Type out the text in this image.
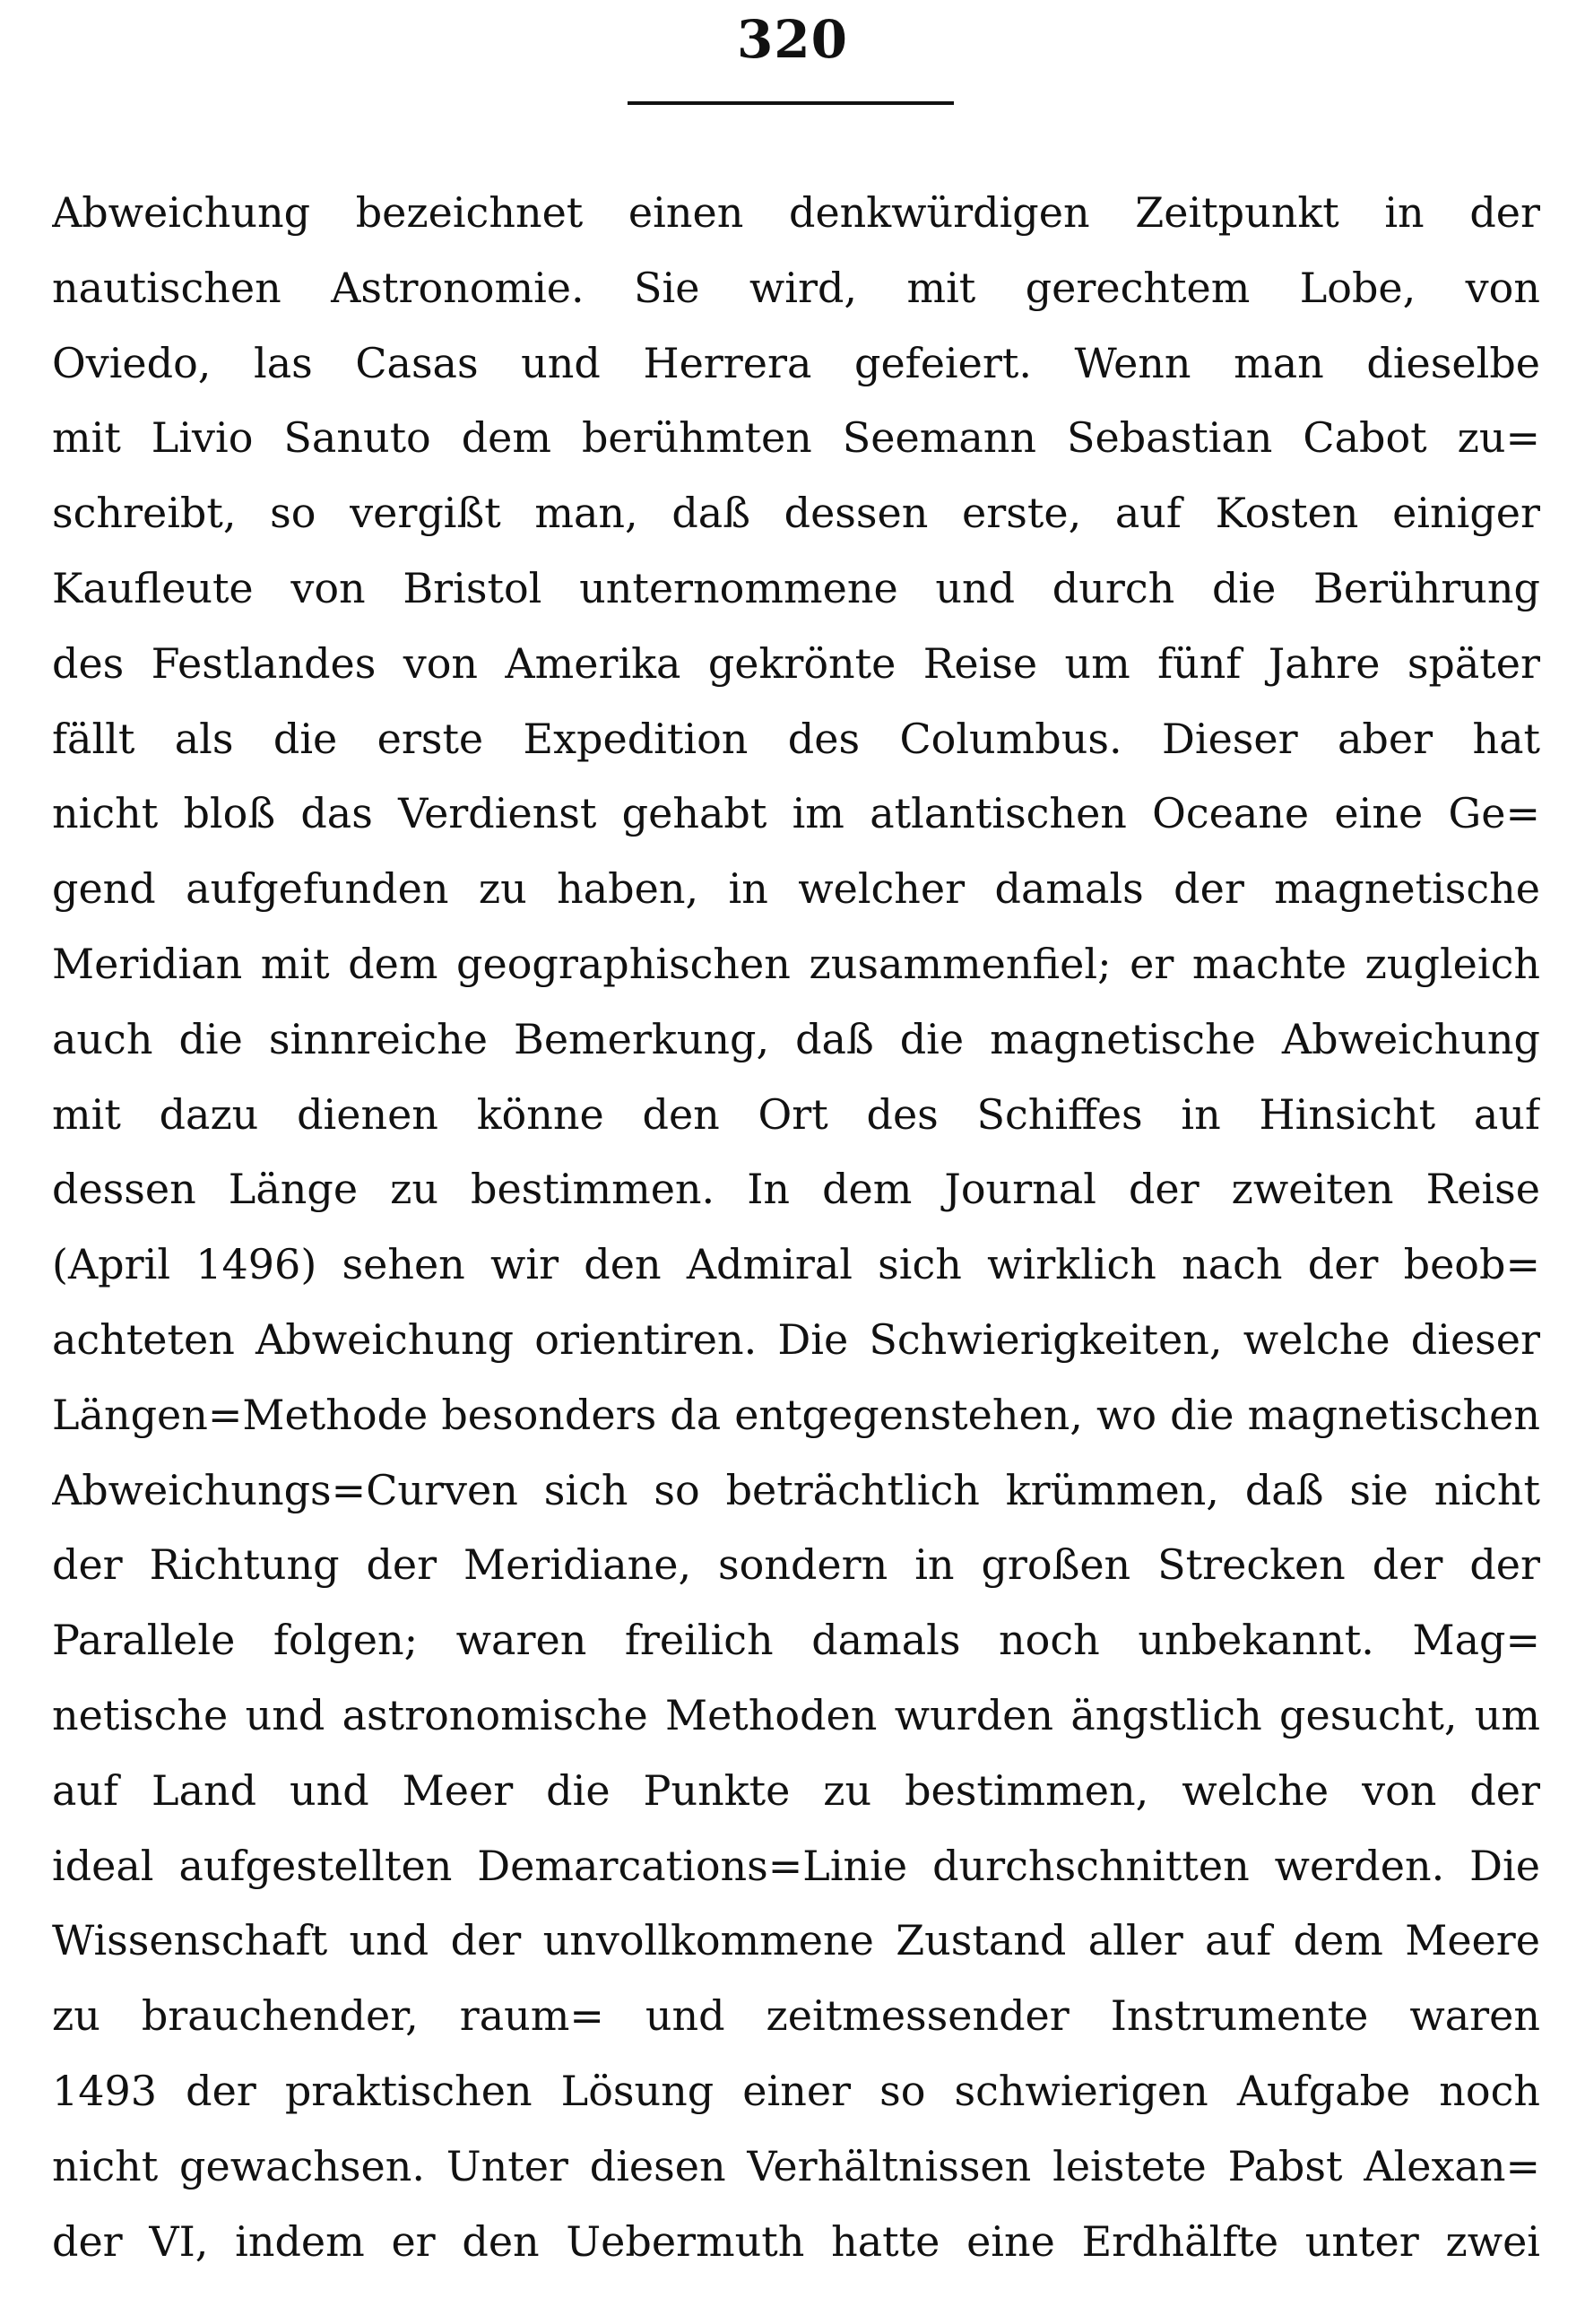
320
Abweichung bezeichnet einen denkwürdigen Zeitpunkt in der
nautischen Astronomie. Sie wird, mit gerechtem Lobe, von
Oviedo, las Casas und Herrera gefeiert. Wenn man dieselbe
mit Livio Sanuto dem berühmten Seemann Sebastian Cabot zu=
schreibt, so vergißt man, daß dessen erste, auf Kosten einiger
Kaufleute von Bristol unternommene und durch die Berührung
des Festlandes von Amerika gekrönte Reise um fünf Jahre später
fällt als die erste Expedition des Columbus. Dieser aber hat
nicht bloß das Verdienst gehabt im atlantischen Oceane eine Ge=
gend aufgefunden zu haben, in welcher damals der magnetische
Meridian mit dem geographischen zusammenfiel; er machte zugleich
auch die sinnreiche Bemerkung, daß die magnetische Abweichung
mit dazu dienen könne den Ort des Schiffes in Hinsicht auf
dessen Länge zu bestimmen. In dem Journal der zweiten Reise
(April 1496) sehen wir den Admiral sich wirklich nach der beob=
achteten Abweichung orientiren. Die Schwierigkeiten, welche dieser
Längen=Methode besonders da entgegenstehen, wo die magnetischen
Abweichungs=Curven sich so beträchtlich krümmen, daß sie nicht
der Richtung der Meridiane, sondern in großen Strecken der der
Parallele folgen; waren freilich damals noch unbekannt. Mag=
netische und astronomische Methoden wurden ängstlich gesucht, um
auf Land und Meer die Punkte zu bestimmen, welche von der
ideal aufgestellten Demarcations=Linie durchschnitten werden. Die
Wissenschaft und der unvollkommene Zustand aller auf dem Meere
zu brauchender, raum= und zeitmessender Instrumente waren
1493 der praktischen Lösung einer so schwierigen Aufgabe noch
nicht gewachsen. Unter diesen Verhältnissen leistete Pabst Alexan=
der VI, indem er den Uebermuth hatte eine Erdhälfte unter zwei
